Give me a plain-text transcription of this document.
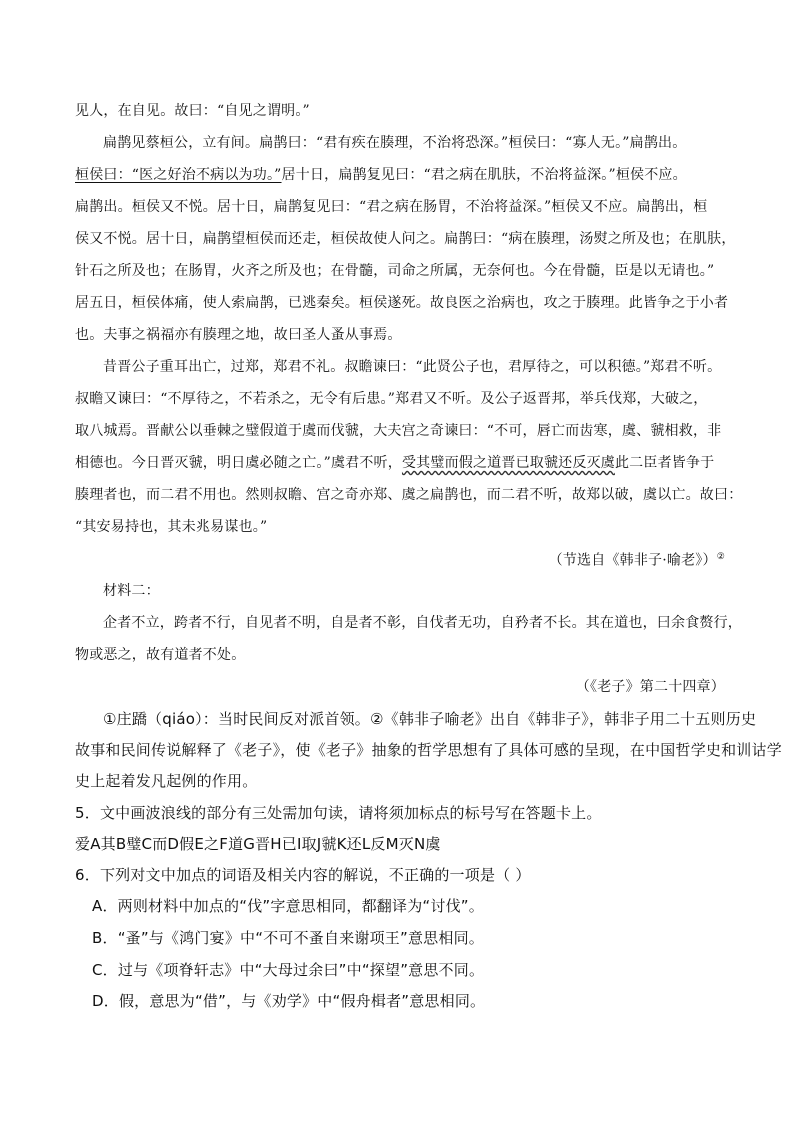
见人，在自见。故曰：“自见之谓明。”
扁鹊见蔡桓公，立有间。扁鹊曰：“君有疾在腠理，不治将恐深。”桓侯曰：“寡人无。”扁鹊出。
桓侯曰：“医之好治不病以为功。”居十日，扁鹊复见曰：“君之病在肌肤，不治将益深。”桓侯不应。
扁鹊出。桓侯又不悦。居十日，扁鹊复见曰：“君之病在肠胃，不治将益深。”桓侯又不应。扁鹊出，桓
侯又不悦。居十日，扁鹊望桓侯而还走，桓侯故使人问之。扁鹊曰：“病在腠理，汤熨之所及也；在肌肤，
针石之所及也；在肠胃，火齐之所及也；在骨髓，司命之所属，无奈何也。今在骨髓，臣是以无请也。”
居五日，桓侯体痛，使人索扁鹊，已逃秦矣。桓侯遂死。故良医之治病也，攻之于腠理。此皆争之于小者
也。夫事之祸福亦有腠理之地，故曰圣人蚤从事焉。
昔晋公子重耳出亡，过郑，郑君不礼。叔瞻谏曰：“此贤公子也，君厚待之，可以积德。”郑君不听。
叔瞻又谏曰：“不厚待之，不若杀之，无令有后患。”郑君又不听。及公子返晋邦，举兵伐郑，大破之，
取八城焉。晋献公以垂棘之璧假道于虞而伐虢，大夫宫之奇谏曰：“不可，唇亡而齿寒，虞、虢相救，非
相德也。今日晋灭虢，明日虞必随之亡。”虞君不听，受其璧而假之道晋已取虢还反灭虞此二臣者皆争于
腠理者也，而二君不用也。然则叔瞻、宫之奇亦郑、虞之扁鹊也，而二君不听，故郑以破，虞以亡。故曰：
“其安易持也，其未兆易谋也。”
（节选自《韩非子·喻老》）②
材料二：
企者不立，跨者不行，自见者不明，自是者不彰，自伐者无功，自矜者不长。其在道也，曰余食赘行，
物或恶之，故有道者不处。
（《老子》第二十四章）
①庄蹻（qiáo）：当时民间反对派首领。②《韩非子喻老》出自《韩非子》，韩非子用二十五则历史
故事和民间传说解释了《老子》，使《老子》抽象的哲学思想有了具体可感的呈现，在中国哲学史和训诂学
史上起着发凡起例的作用。
5．文中画波浪线的部分有三处需加句读，请将须加标点的标号写在答题卡上。
爱A其B璧C而D假E之F道G晋H已I取J虢K还L反M灭N虞
6．下列对文中加点的词语及相关内容的解说，不正确的一项是（ ）
A．两则材料中加点的“伐”字意思相同，都翻译为“讨伐”。
B．“蚤”与《鸿门宴》中“不可不蚤自来谢项王”意思相同。
C．过与《项脊轩志》中“大母过余曰”中“探望”意思不同。
D．假，意思为“借”，与《劝学》中“假舟楫者”意思相同。
